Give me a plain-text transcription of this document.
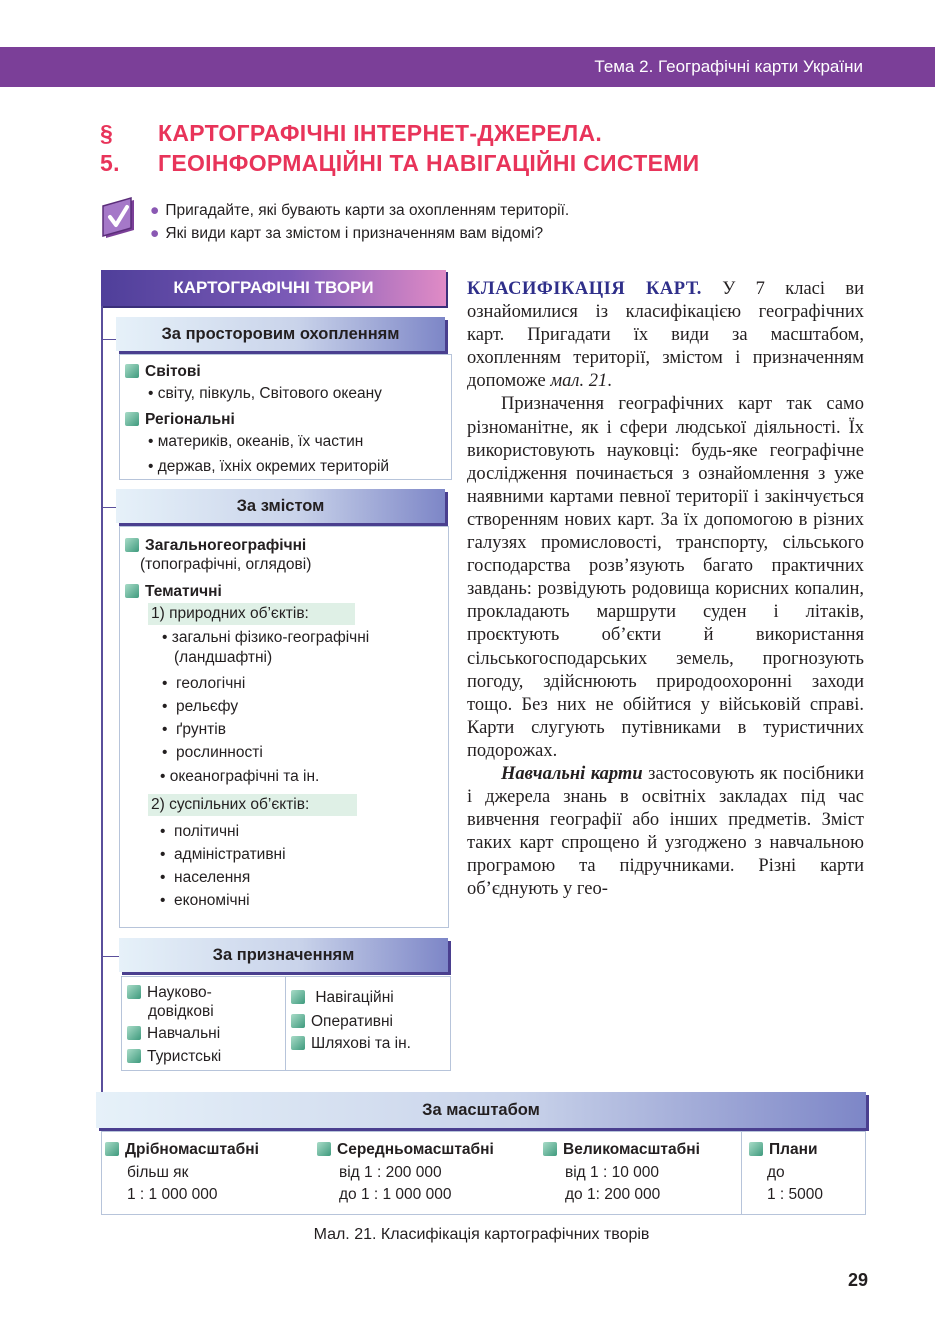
Тема 2. Географічні карти України
§ 5.
КАРТОГРАФІЧНІ ІНТЕРНЕТ-ДЖЕРЕЛА.
ГЕОІНФОРМАЦІЙНІ ТА НАВІГАЦІЙНІ СИСТЕМИ
● Пригадайте, які бувають карти за охопленням території.
● Які види карт за змістом і призначенням вам відомі?
КАРТОГРАФІЧНІ ТВОРИ
За просторовим охопленням
Світові
• світу, півкуль, Світового океану
Регіональні
• материків, океанів, їх частин
• держав, їхніх окремих територій
За змістом
Загальногеографічні
(топографічні, оглядові)
Тематичні
1) природних об’єктів:
• загальні фізико-географічні
(ландшафтні)
•  геологічні
•  рельєфу
•  ґрунтів
•  рослинності
• океанографічні та ін.
2) суспільних об’єктів:
•  політичні
•  адміністративні
•  населення
•  економічні
За призначенням
Науково-
довідкові
Навчальні
Туристські
Навігаційні
Оперативні
Шляхові та ін.
За масштабом
Дрібномасштабні
більш як
1 : 1 000 000
Середньомасштабні
від 1 : 200 000
до 1 : 1 000 000
Великомасштабні
від 1 : 10 000
до 1: 200 000
Плани
до
1 : 5000

КЛАСИФІКАЦІЯ КАРТ. У 7 класі ви ознайомилися із класифікацією географічних карт. Пригадати їх види за масштабом, охопленням території, змістом і призначенням допоможе мал. 21.

Призначення географічних карт так само різноманітне, як і сфери людської діяльності. Їх використовують науковці: будь-яке географічне дослідження починається з ознайомлення з уже наявними картами певної території і закінчується створенням нових карт. За їх допомогою в різних галузях промисловості, транспорту, сільського господарства розв’язують багато практичних завдань: розвідують родовища корисних копалин, прокладають маршрути суден і літаків, проєктують об’єкти й використання сільськогосподарських земель, прогнозують погоду, здійснюють природоохоронні заходи тощо. Без них не обійтися у військовій справі. Карти слугують путівниками в туристичних подорожах.

Навчальні карти застосовують як посібники і джерела знань в освітніх закладах під час вивчення географії або інших предметів. Зміст таких карт спрощено й узгоджено з навчальною програмою та підручниками. Різні карти об’єднують у гео-

Мал. 21. Класифікація картографічних творів
29
